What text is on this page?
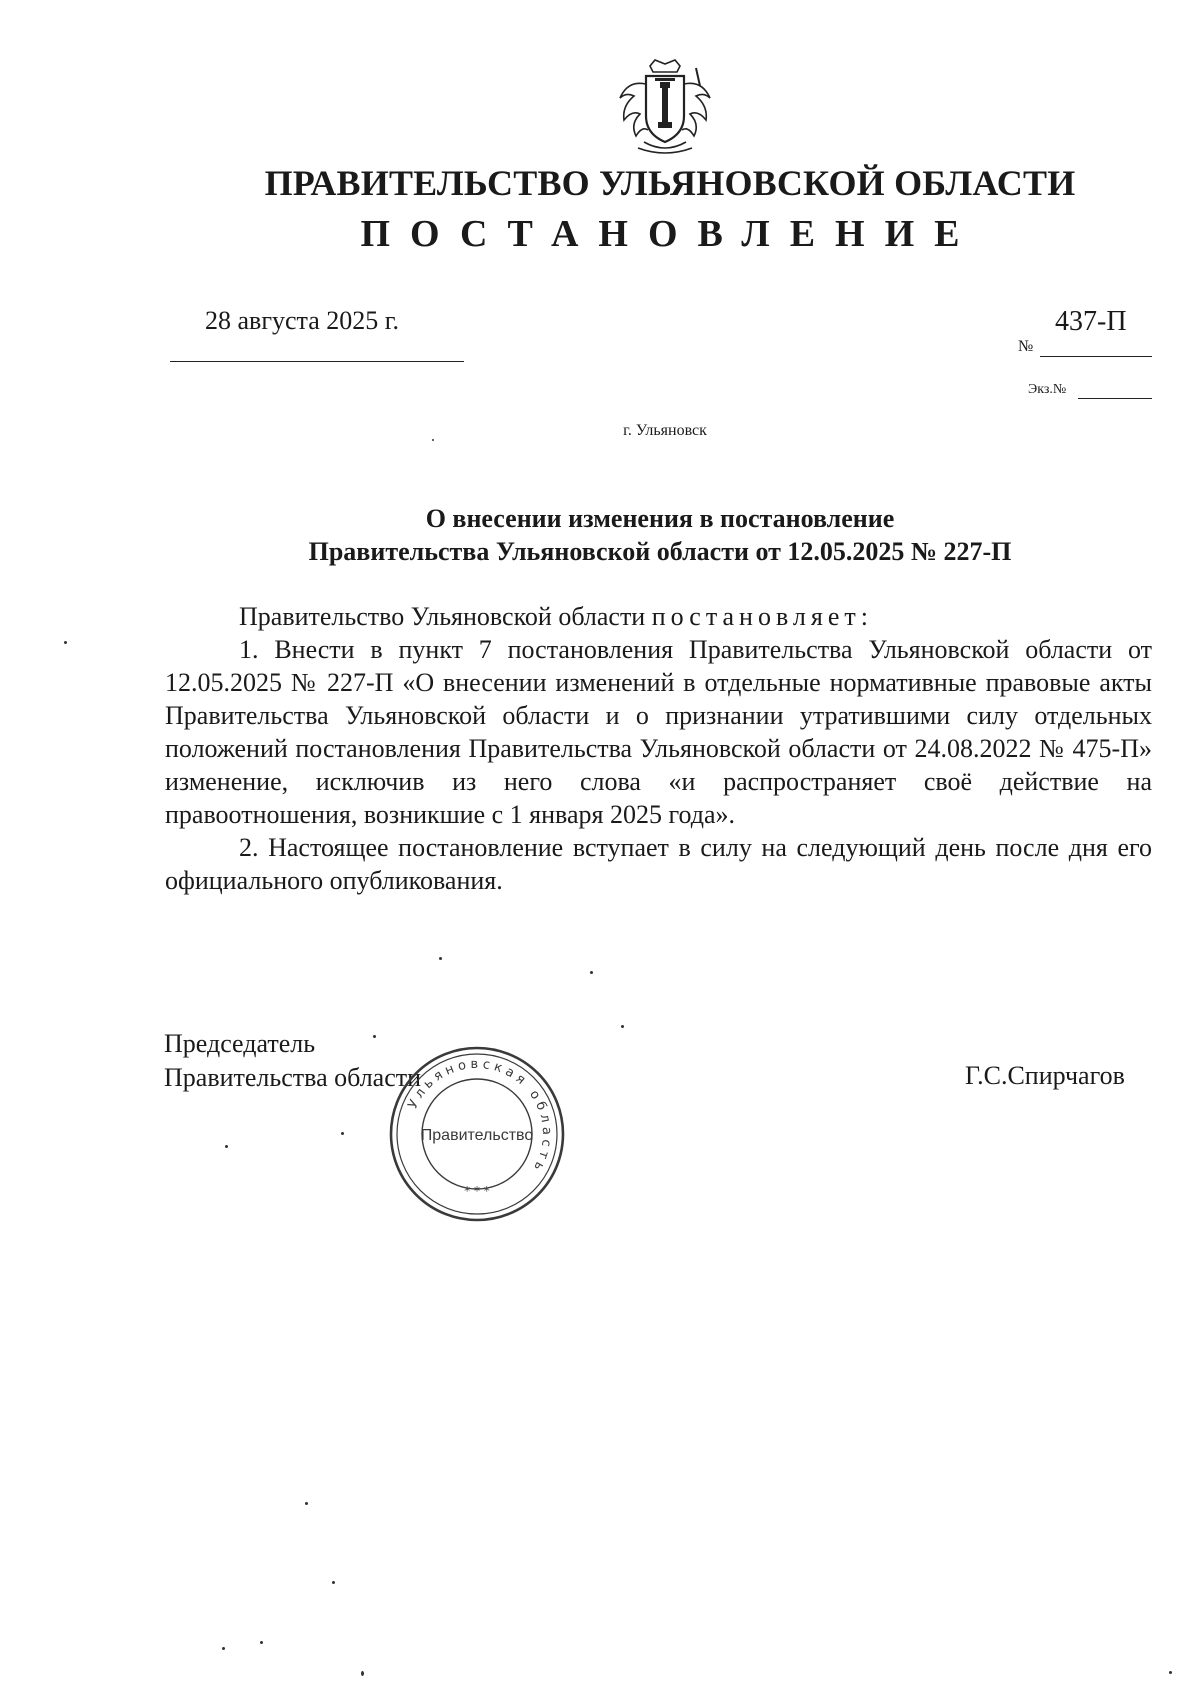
ПРАВИТЕЛЬСТВО УЛЬЯНОВСКОЙ ОБЛАСТИ
ПОСТАНОВЛЕНИЕ
28 августа 2025 г.	437-П
№
Экз.№
г. Ульяновск
О внесении изменения в постановление
Правительства Ульяновской области от 12.05.2025 № 227-П

Правительство Ульяновской области постановляет:

1. Внести в пункт 7 постановления Правительства Ульяновской области от 12.05.2025 № 227-П «О внесении изменений в отдельные нормативные правовые акты Правительства Ульяновской области и о признании утратившими силу отдельных положений постановления Правительства Ульяновской области от 24.08.2022 № 475-П» изменение, исключив из него слова «и распространяет своё действие на правоотношения, возникшие с 1 января 2025 года».

2. Настоящее постановление вступает в силу на следующий день после дня его официального опубликования.

Председатель
Правительства области	Г.С.Спирчагов
Ульяновская область
Правительство
* * *
